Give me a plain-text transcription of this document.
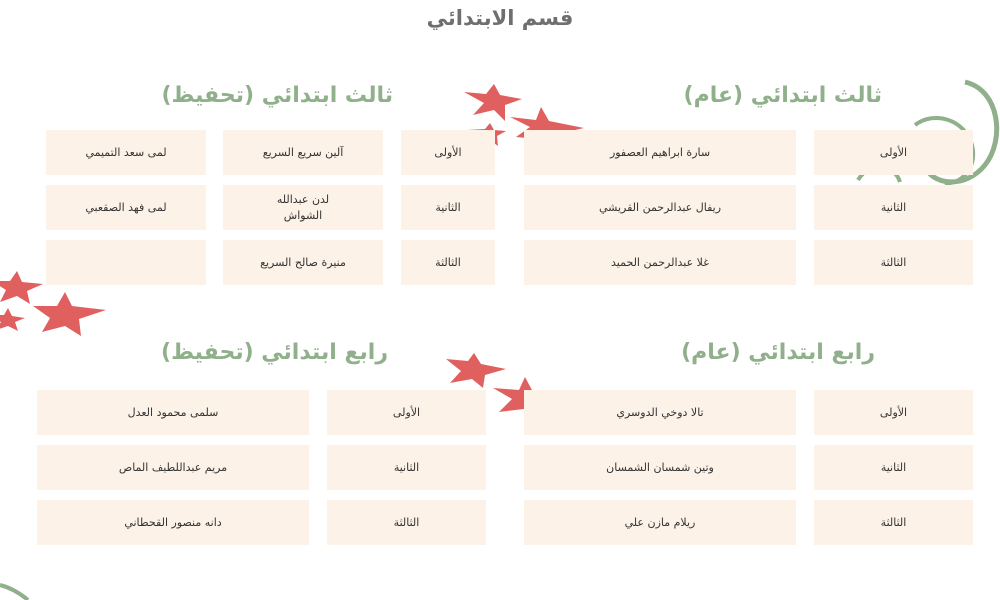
قسم الابتدائي
ثالث ابتدائي (عام)
الأولى
سارة ابراهيم العصفور
الثانية
ريفال عبدالرحمن القريشي
الثالثة
غلا عبدالرحمن الحميد
ثالث ابتدائي (تحفيظ)
الأولى
آلين سريع السريع
لمى سعد التميمي
الثانية
لدن عبدالله الشواش
لمى فهد الصقعبي
الثالثة
منيرة صالح السريع
رابع ابتدائي (عام)
الأولى
تالا دوخي الدوسري
الثانية
وتين شمسان الشمسان
الثالثة
ريلام مازن علي
رابع ابتدائي (تحفيظ)
الأولى
سلمى محمود العدل
الثانية
مريم عبداللطيف الماص
الثالثة
دانه منصور القحطاني
